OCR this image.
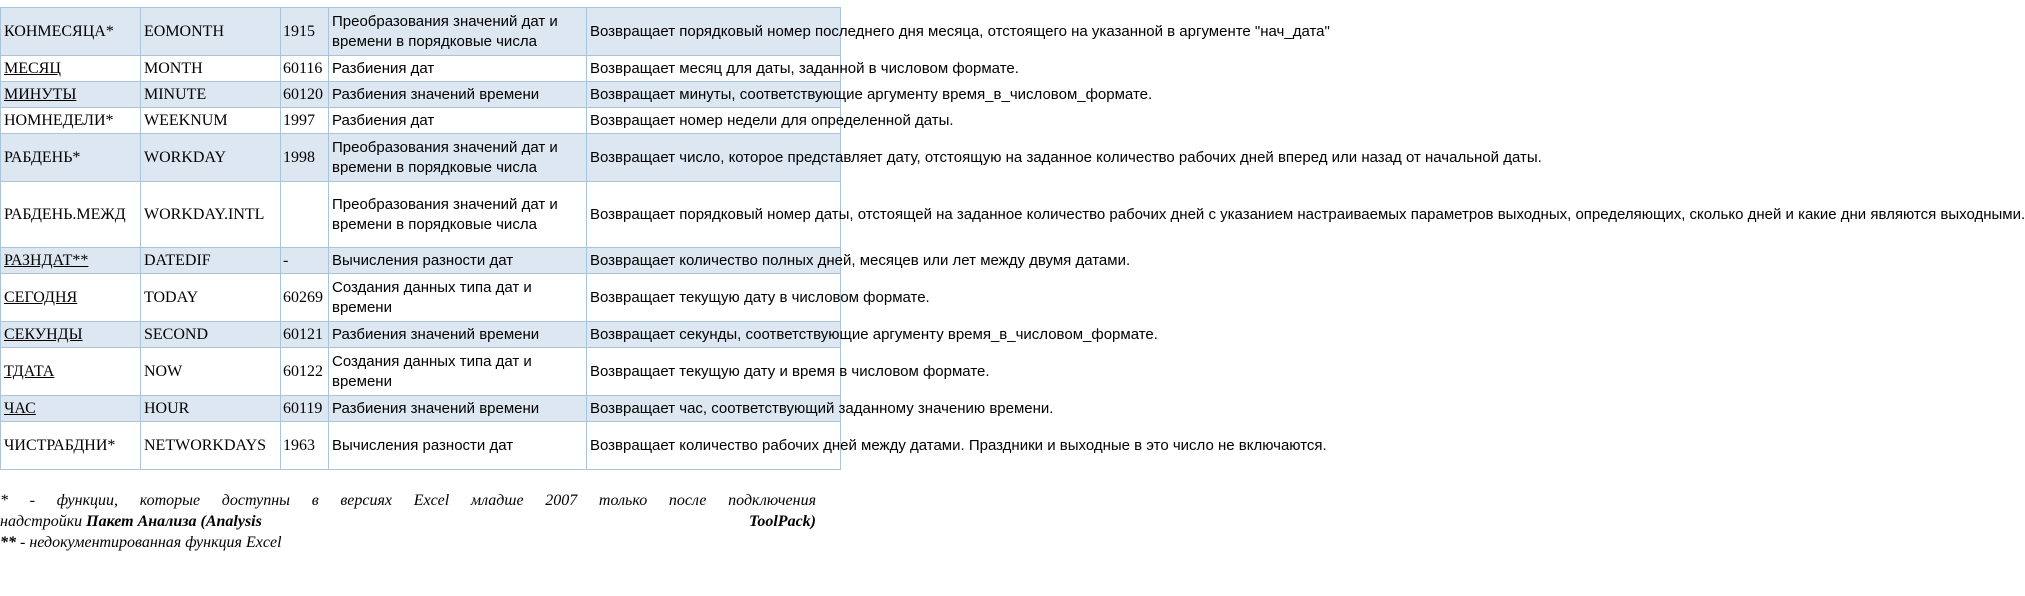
КОНМЕСЯЦА*	EOMONTH	1915	Преобразования значений дат и времени в порядковые числа	Возвращает порядковый номер последнего дня месяца, отстоящего на указанной в аргументе "нач_дата"
МЕСЯЦ	MONTH	60116	Разбиения дат	Возвращает месяц для даты, заданной в числовом формате.
МИНУТЫ	MINUTE	60120	Разбиения значений времени	Возвращает минуты, соответствующие аргументу время_в_числовом_формате.
НОМНЕДЕЛИ*	WEEKNUM	1997	Разбиения дат	Возвращает номер недели для определенной даты.
РАБДЕНЬ*	WORKDAY	1998	Преобразования значений дат и времени в порядковые числа	Возвращает число, которое представляет дату, отстоящую на заданное количество рабочих дней вперед или назад от начальной даты.
РАБДЕНЬ.МЕЖД	WORKDAY.INTL		Преобразования значений дат и времени в порядковые числа	Возвращает порядковый номер даты, отстоящей на заданное количество рабочих дней с указанием настраиваемых параметров выходных, определяющих, сколько дней и какие дни являются выходными.
РАЗНДАТ**	DATEDIF	-	Вычисления разности дат	Возвращает количество полных дней, месяцев или лет между двумя датами.
СЕГОДНЯ	TODAY	60269	Создания данных типа дат и времени	Возвращает текущую дату в числовом формате.
СЕКУНДЫ	SECOND	60121	Разбиения значений времени	Возвращает секунды, соответствующие аргументу время_в_числовом_формате.
ТДАТА	NOW	60122	Создания данных типа дат и времени	Возвращает текущую дату и время в числовом формате.
ЧАС	HOUR	60119	Разбиения значений времени	Возвращает час, соответствующий заданному значению времени.
ЧИСТРАБДНИ*	NETWORKDAYS	1963	Вычисления разности дат	Возвращает количество рабочих дней между датами. Праздники и выходные в это число не включаются.
* - функции, которые доступны в версиях Excel младше 2007 только после подключения
надстройки Пакет Анализа (Analysis	ToolPack)
** - недокументированная функция Excel
